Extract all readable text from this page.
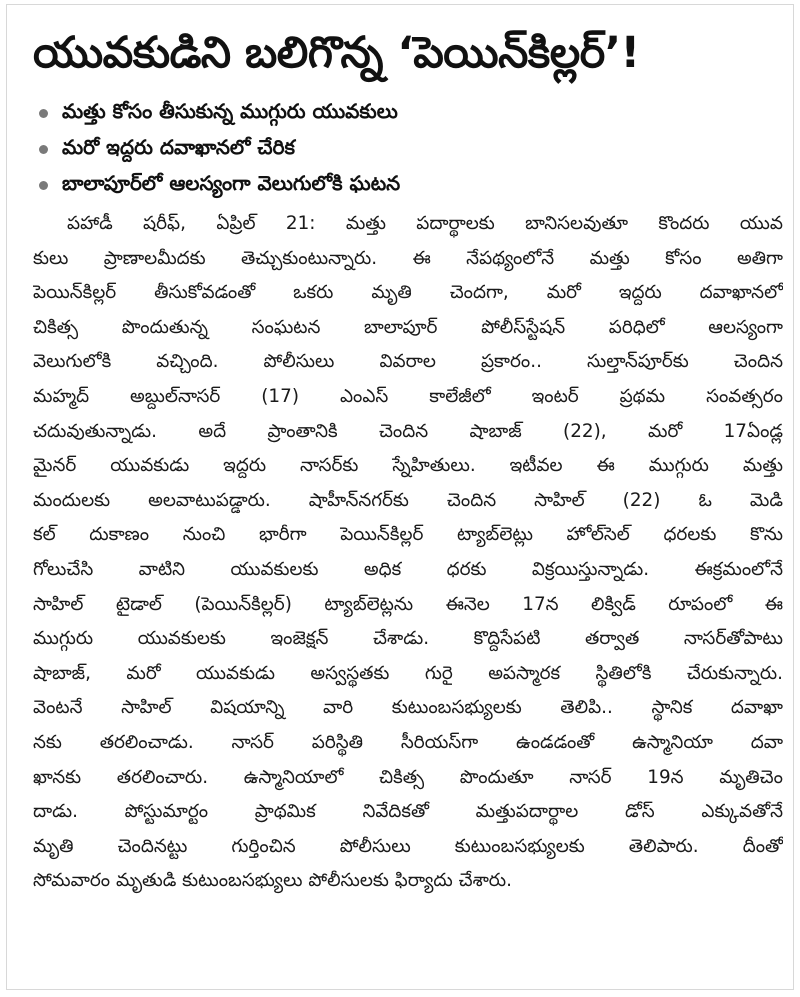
యువకుడిని బలిగొన్న ‘పెయిన్‌కిల్లర్’!
మత్తు కోసం తీసుకున్న ముగ్గురు యువకులు
మరో ఇద్దరు దవాఖానలో చేరిక
బాలాపూర్‌లో ఆలస్యంగా వెలుగులోకి ఘటన
పహాడీ షరీఫ్, ఏప్రిల్ 21: మత్తు పదార్థాలకు బానిసలవుతూ కొందరు యువ
కులు ప్రాణాలమీదకు తెచ్చుకుంటున్నారు. ఈ నేపథ్యంలోనే మత్తు కోసం అతిగా
పెయిన్‌కిల్లర్ తీసుకోవడంతో ఒకరు మృతి చెందగా, మరో ఇద్దరు దవాఖానలో
చికిత్స పొందుతున్న సంఘటన బాలాపూర్ పోలీస్‌స్టేషన్ పరిధిలో ఆలస్యంగా
వెలుగులోకి వచ్చింది. పోలీసులు వివరాల ప్రకారం.. సుల్తాన్‌పూర్‌కు చెందిన
మహ్మద్ అబ్దుల్‌నాసర్ (17) ఎంఎస్ కాలేజీలో ఇంటర్ ప్రథమ సంవత్సరం
చదువుతున్నాడు. అదే ప్రాంతానికి చెందిన షాబాజ్ (22), మరో 17ఏండ్ల
మైనర్ యువకుడు ఇద్దరు నాసర్‌కు స్నేహితులు. ఇటీవల ఈ ముగ్గురు మత్తు
మందులకు అలవాటుపడ్డారు. షాహీన్‌నగర్‌కు చెందిన సాహిల్ (22) ఓ మెడి
కల్ దుకాణం నుంచి భారీగా పెయిన్‌కిల్లర్ ట్యాబ్‌లెట్లు హోల్‌సెల్ ధరలకు కొను
గోలుచేసి వాటిని యువకులకు అధిక ధరకు విక్రయిస్తున్నాడు. ఈక్రమంలోనే
సాహిల్ టైడాల్ (పెయిన్‌కిల్లర్) ట్యాబ్‌లెట్లను ఈనెల 17న లిక్విడ్ రూపంలో ఈ
ముగ్గురు యువకులకు ఇంజెక్షన్ చేశాడు. కొద్దిసేపటి తర్వాత నాసర్‌తోపాటు
షాబాజ్, మరో యువకుడు అస్వస్థతకు గురై అపస్మారక స్థితిలోకి చేరుకున్నారు.
వెంటనే సాహిల్ విషయాన్ని వారి కుటుంబసభ్యులకు తెలిపి.. స్థానిక దవాఖా
నకు తరలించాడు. నాసర్ పరిస్థితి సీరియస్‌గా ఉండడంతో ఉస్మానియా దవా
ఖానకు తరలించారు. ఉస్మానియాలో చికిత్స పొందుతూ నాసర్ 19న మృతిచెం
దాడు. పోస్టుమార్టం ప్రాథమిక నివేదికతో మత్తుపదార్థాల డోస్ ఎక్కువతోనే
మృతి చెందినట్టు గుర్తించిన పోలీసులు కుటుంబసభ్యులకు తెలిపారు. దీంతో
సోమవారం మృతుడి కుటుంబసభ్యులు పోలీసులకు ఫిర్యాదు చేశారు.
